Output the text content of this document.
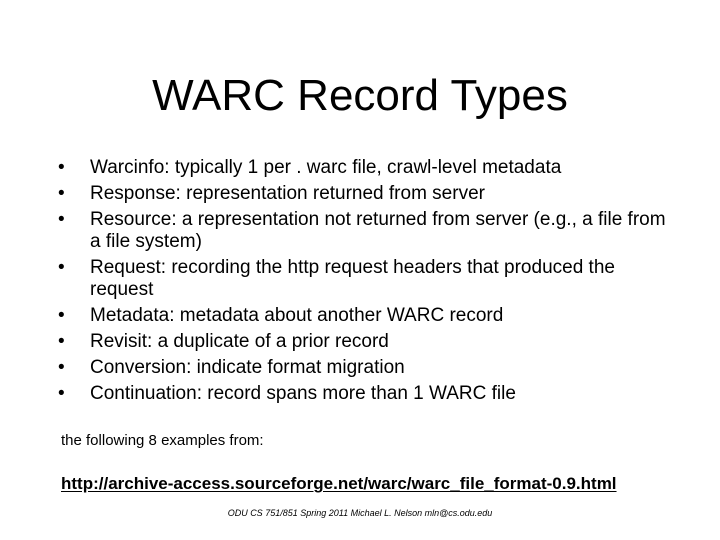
WARC Record Types
•	Warcinfo: typically 1 per . warc file, crawl-level metadata
•	Response: representation returned from server
•	Resource: a representation not returned from server (e.g., a file from a file system)
•	Request: recording the http request headers that produced the request
•	Metadata: metadata about another WARC record
•	Revisit: a duplicate of a prior record
•	Conversion: indicate format migration
•	Continuation: record spans more than 1 WARC file

the following 8 examples from:

http://archive-access.sourceforge.net/warc/warc_file_format-0.9.html

ODU CS 751/851 Spring 2011 Michael L. Nelson mln@cs.odu.edu
